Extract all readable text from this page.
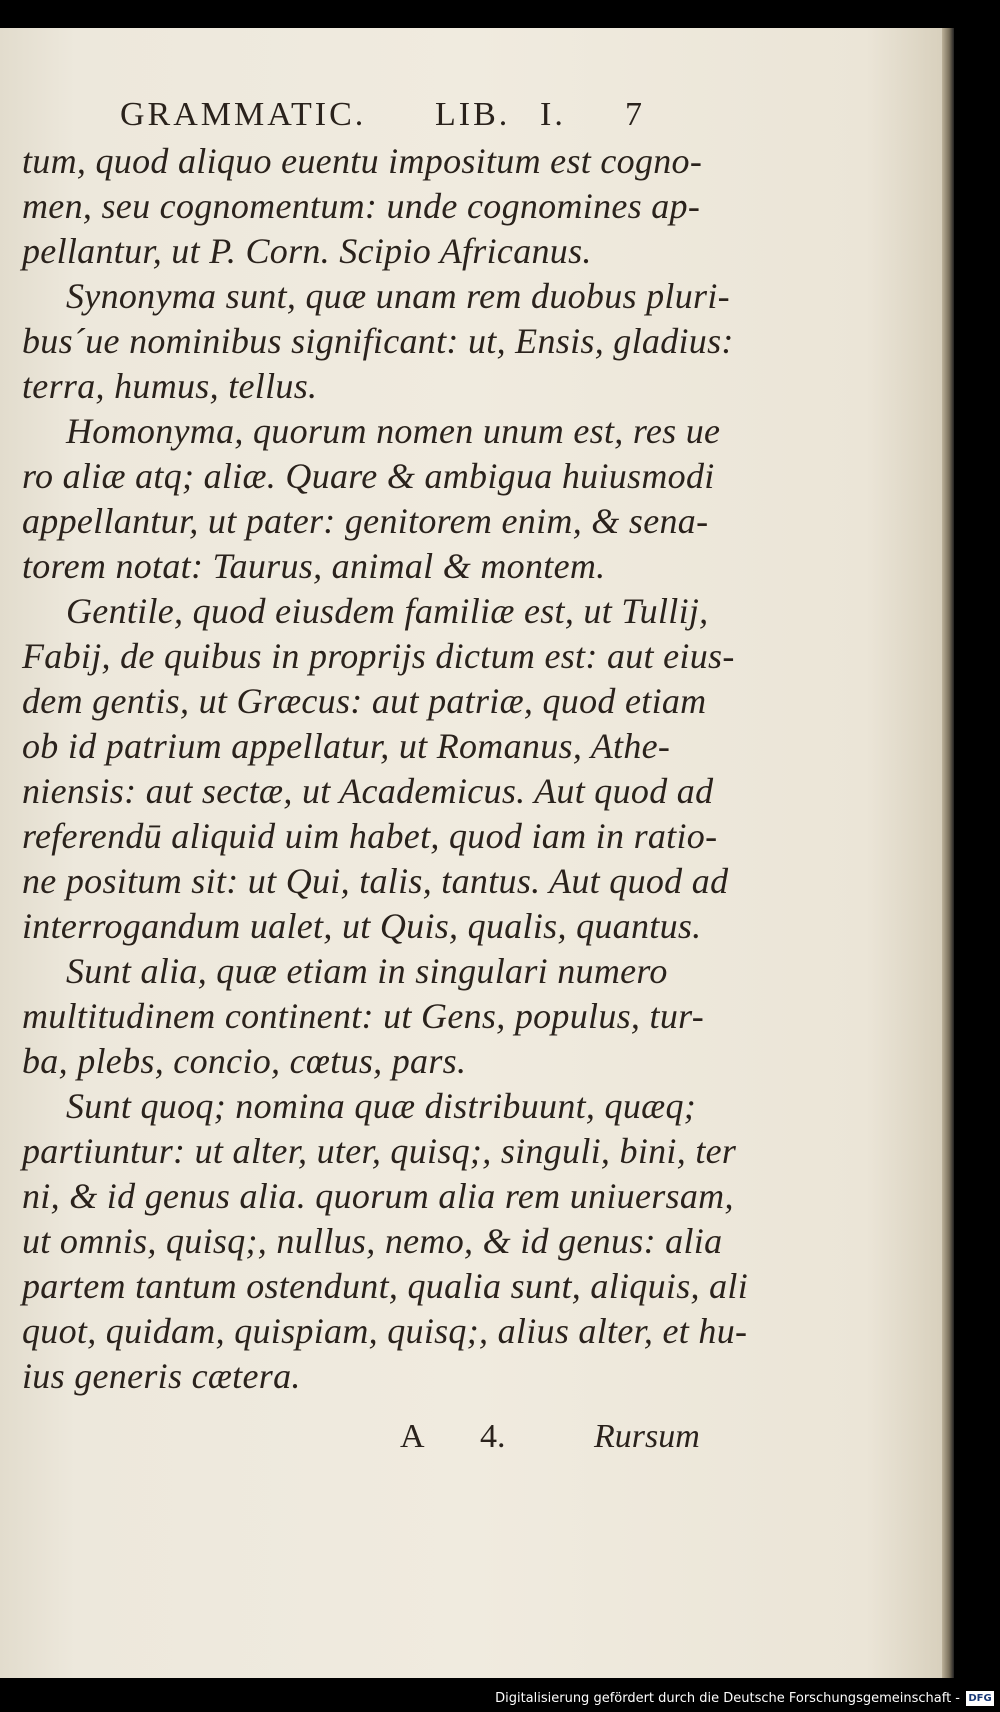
GRAMMATIC. LIB. I. 7
tum, quod aliquo euentu impositum est cogno-
men, seu cognomentum: unde cognomines ap-
pellantur, ut P. Corn. Scipio Africanus.
Synonyma sunt, quæ unam rem duobus pluri-
bus´ue nominibus significant: ut, Ensis, gladius:
terra, humus, tellus.
Homonyma, quorum nomen unum est, res ue
ro aliæ atq; aliæ. Quare & ambigua huiusmodi
appellantur, ut pater: genitorem enim, & sena-
torem notat: Taurus, animal & montem.
Gentile, quod eiusdem familiæ est, ut Tullij,
Fabij, de quibus in proprijs dictum est: aut eius-
dem gentis, ut Græcus: aut patriæ, quod etiam
ob id patrium appellatur, ut Romanus, Athe-
niensis: aut sectæ, ut Academicus. Aut quod ad
referendū aliquid uim habet, quod iam in ratio-
ne positum sit: ut Qui, talis, tantus. Aut quod ad
interrogandum ualet, ut Quis, qualis, quantus.
Sunt alia, quæ etiam in singulari numero
multitudinem continent: ut Gens, populus, tur-
ba, plebs, concio, cœtus, pars.
Sunt quoq; nomina quæ distribuunt, quæq;
partiuntur: ut alter, uter, quisq;, singuli, bini, ter
ni, & id genus alia. quorum alia rem uniuersam,
ut omnis, quisq;, nullus, nemo, & id genus: alia
partem tantum ostendunt, qualia sunt, aliquis, ali
quot, quidam, quispiam, quisq;, alius alter, et hu-
ius generis cætera.
A 4.	Rursum
Digitalisierung gefördert durch die Deutsche Forschungsgemeinschaft - DFG
